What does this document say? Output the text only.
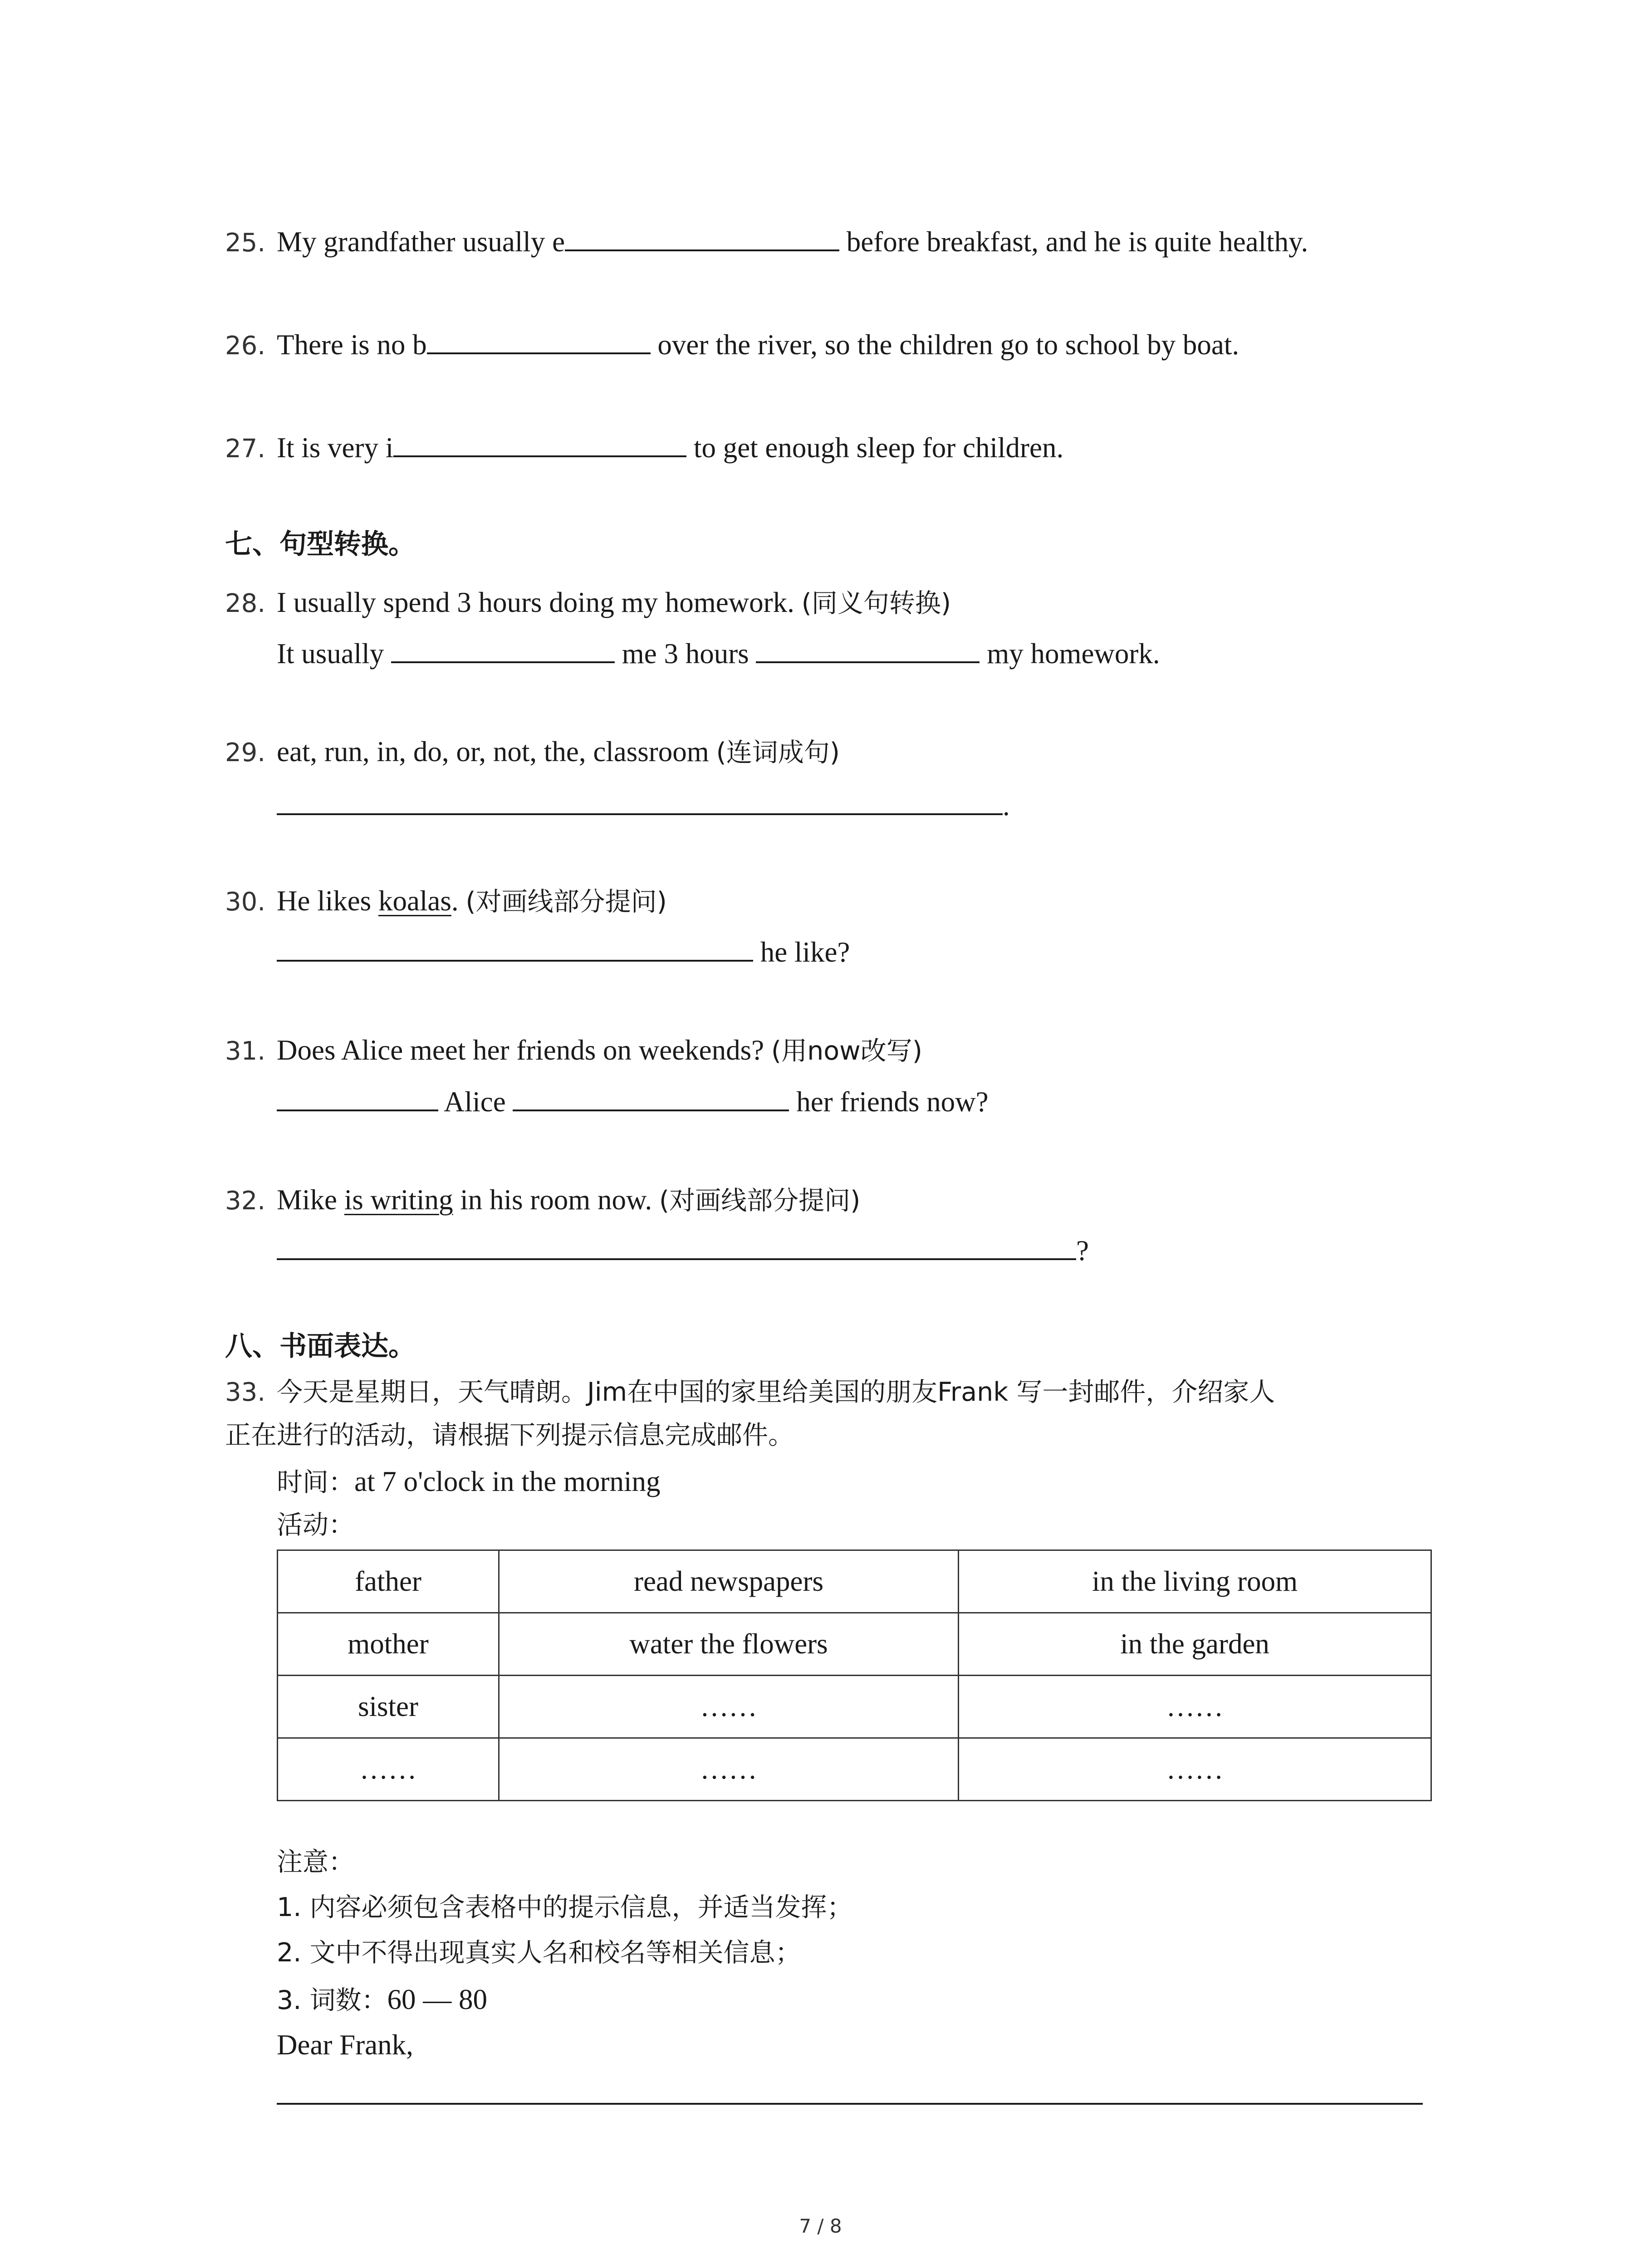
25. My grandfather usually e	before breakfast, and he is quite healthy.
26. There is no b	over the river, so the children go to school by boat.
27. It is very i	to get enough sleep for children.
七、句型转换。
28. I usually spend 3 hours doing my homework. (同义句转换)
It usually	me 3 hours	my homework.
29. eat, run, in, do, or, not, the, classroom (连词成句)
.
30. He likes koalas. (对画线部分提问)
he like?
31. Does Alice meet her friends on weekends? (用now改写)
Alice	her friends now?
32. Mike is writing in his room now. (对画线部分提问)
?
八、书面表达。
33. 今天是星期日，天气晴朗。Jim在中国的家里给美国的朋友Frank 写一封邮件，介绍家人
正在进行的活动，请根据下列提示信息完成邮件。
时间：at 7 o'clock in the morning
活动：
father	read newspapers	in the living room
mother	water the flowers	in the garden
sister	……	……
……	……	……
注意：
1. 内容必须包含表格中的提示信息，并适当发挥；
2. 文中不得出现真实人名和校名等相关信息；
3. 词数：60 — 80
Dear Frank,
7 / 8
